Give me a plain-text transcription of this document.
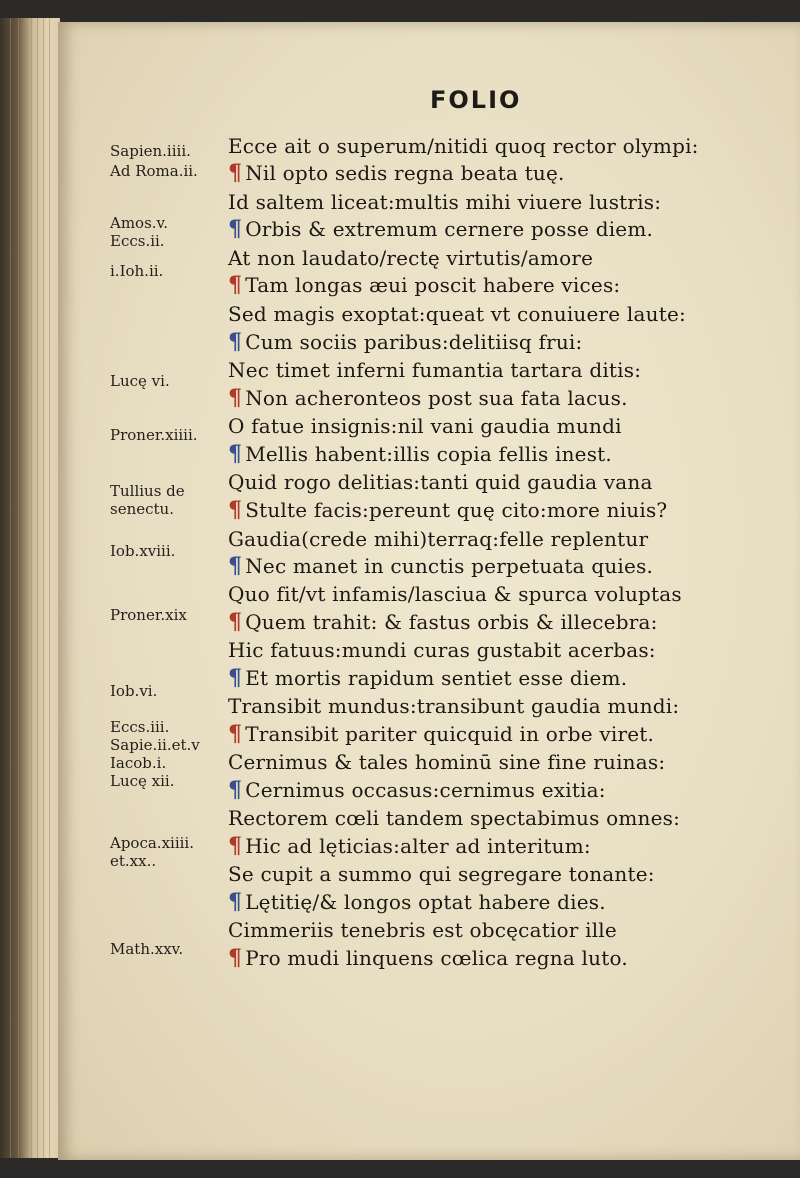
FOLIO
Sapien.iiii.
Ad Roma.ii.
Amos.v.
Eccs.ii.
i.Ioh.ii.
Lucę vi.
Proner.xiiii.
Tullius de
senectu.
Iob.xviii.
Proner.xix
Iob.vi.
Eccs.iii.
Sapie.ii.et.v
Iacob.i.
Lucę xii.
Apoca.xiiii.
et.xx..
Math.xxv.
Ecce ait o superum/nitidi quoq rector olympi:
¶ Nil opto sedis regna beata tuę.
Id saltem liceat:multis mihi viuere lustris:
¶ Orbis & extremum cernere posse diem.
At non laudato/rectę virtutis/amore
¶ Tam longas æui poscit habere vices:
Sed magis exoptat:queat vt conuiuere laute:
¶ Cum sociis paribus:delitiisq frui:
Nec timet inferni fumantia tartara ditis:
¶ Non acheronteos post sua fata lacus.
O fatue insignis:nil vani gaudia mundi
¶ Mellis habent:illis copia fellis inest.
Quid rogo delitias:tanti quid gaudia vana
¶ Stulte facis:pereunt quę cito:more niuis?
Gaudia(crede mihi)terraq:felle replentur
¶ Nec manet in cunctis perpetuata quies.
Quo fit/vt infamis/lasciua & spurca voluptas
¶ Quem trahit: & fastus orbis & illecebra:
Hic fatuus:mundi curas gustabit acerbas:
¶ Et mortis rapidum sentiet esse diem.
Transibit mundus:transibunt gaudia mundi:
¶ Transibit pariter quicquid in orbe viret.
Cernimus & tales hominū sine fine ruinas:
¶ Cernimus occasus:cernimus exitia:
Rectorem cœli tandem spectabimus omnes:
¶ Hic ad lęticias:alter ad interitum:
Se cupit a summo qui segregare tonante:
¶ Lętitię/& longos optat habere dies.
Cimmeriis tenebris est obcęcatior ille
¶ Pro mudi linquens cœlica regna luto.
